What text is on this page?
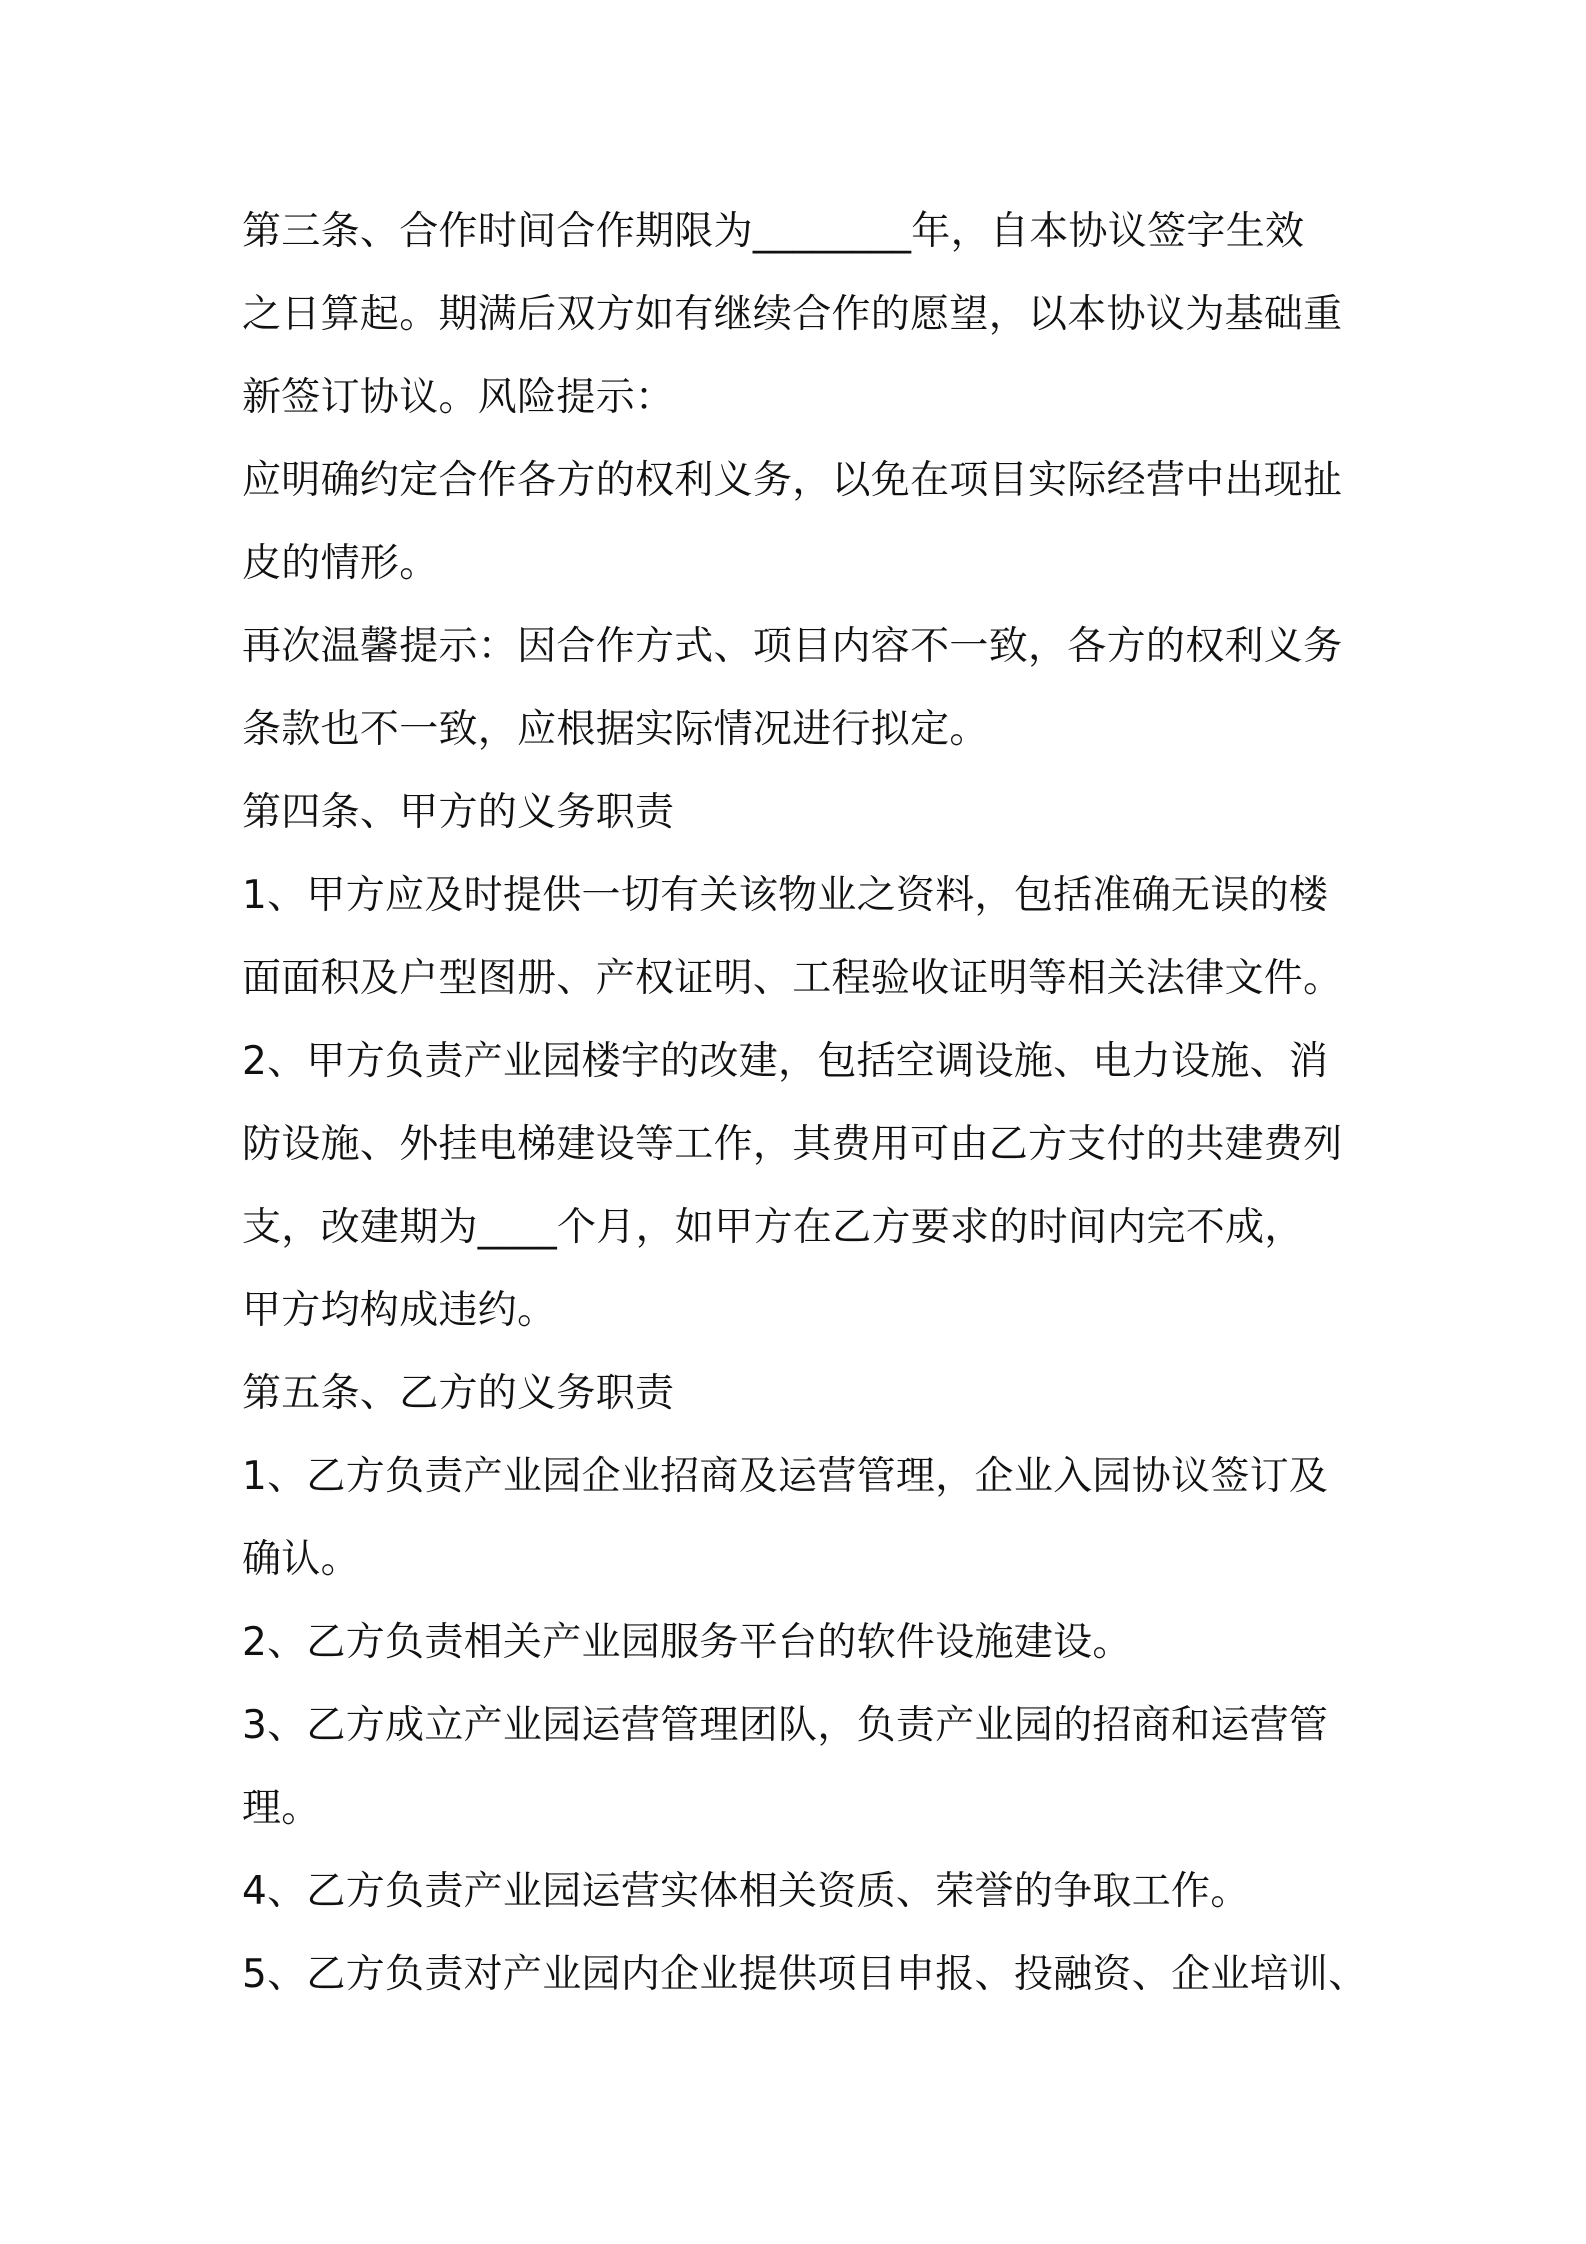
第三条、合作时间合作期限为________年，自本协议签字生效
之日算起。期满后双方如有继续合作的愿望，以本协议为基础重
新签订协议。风险提示：
应明确约定合作各方的权利义务，以免在项目实际经营中出现扯
皮的情形。
再次温馨提示：因合作方式、项目内容不一致，各方的权利义务
条款也不一致，应根据实际情况进行拟定。
第四条、甲方的义务职责
1、甲方应及时提供一切有关该物业之资料，包括准确无误的楼
面面积及户型图册、产权证明、工程验收证明等相关法律文件。
2、甲方负责产业园楼宇的改建，包括空调设施、电力设施、消
防设施、外挂电梯建设等工作，其费用可由乙方支付的共建费列
支，改建期为____个月，如甲方在乙方要求的时间内完不成，
甲方均构成违约。
第五条、乙方的义务职责
1、乙方负责产业园企业招商及运营管理，企业入园协议签订及
确认。
2、乙方负责相关产业园服务平台的软件设施建设。
3、乙方成立产业园运营管理团队，负责产业园的招商和运营管
理。
4、乙方负责产业园运营实体相关资质、荣誉的争取工作。
5、乙方负责对产业园内企业提供项目申报、投融资、企业培训、
